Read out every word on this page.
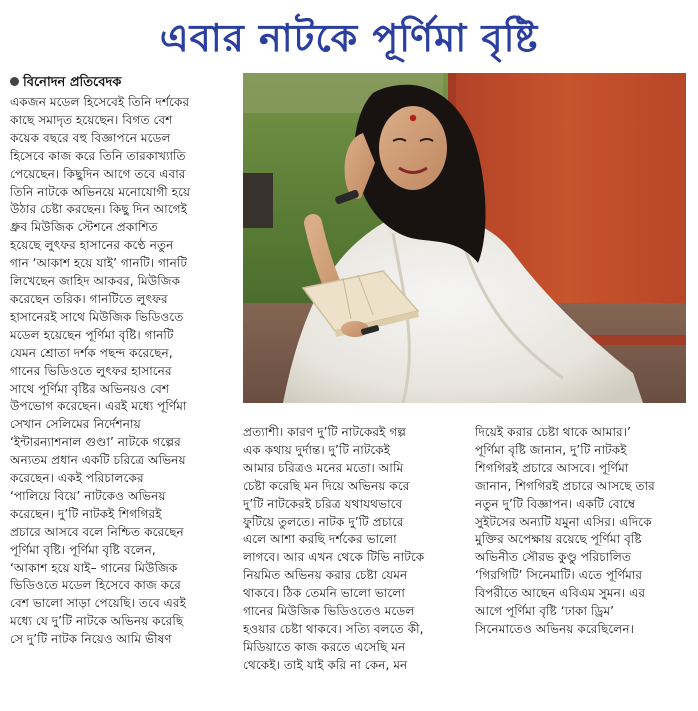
এবার নাটকে পূর্ণিমা বৃষ্টি
বিনোদন প্রতিবেদক
একজন মডেল হিসেবেই তিনি দর্শকের
কাছে সমাদৃত হয়েছেন। বিগত বেশ
কয়েক বছরে বহু বিজ্ঞাপনে মডেল
হিসেবে কাজ করে তিনি তারকাখ্যাতি
পেয়েছেন। কিছুদিন আগে তবে এবার
তিনি নাটকে অভিনয়ে মনোযোগী হয়ে
উঠার চেষ্টা করছেন। কিছু দিন আগেই
ধ্রুব মিউজিক স্টেশনে প্রকাশিত
হয়েছে লুৎফর হাসানের কণ্ঠে নতুন
গান ‘আকাশ হয়ে যাই’ গানটি। গানটি
লিখেছেন জাহিদ আকবর, মিউজিক
করেছেন তরিক। গানটিতে লুৎফর
হাসানেরই সাথে মিউজিক ভিডিওতে
মডেল হয়েছেন পূর্ণিমা বৃষ্টি। গানটি
যেমন শ্রোতা দর্শক পছন্দ করেছেন,
গানের ভিডিওতে লুৎফর হাসানের
সাথে পূর্ণিমা বৃষ্টির অভিনয়ও বেশ
উপভোগ করেছেন। এরই মধ্যে পূর্ণিমা
সেখান সেলিমের নির্দেশনায়
‘ইন্টারন্যাশনাল গুণ্ডা’ নাটকে গল্পের
অন্যতম প্রধান একটি চরিত্রে অভিনয়
করেছেন। একই পরিচালকের
‘পালিয়ে বিয়ে’ নাটকেও অভিনয়
করেছেন। দু’টি নাটকই শিগগিরই
প্রচারে আসবে বলে নিশ্চিত করেছেন
পূর্ণিমা বৃষ্টি। পূর্ণিমা বৃষ্টি বলেন,
‘আকাশ হয়ে যাই– গানের মিউজিক
ভিডিওতে মডেল হিসেবে কাজ করে
বেশ ভালো সাড়া পেয়েছি। তবে এরই
মধ্যে যে দু’টি নাটকে অভিনয় করেছি
সে দু’টি নাটক নিয়েও আমি ভীষণ
প্রত্যাশী। কারণ দু’টি নাটকেরই গল্প
এক কথায় দুর্দান্ত। দু’টি নাটকেই
আমার চরিত্রও মনের মতো। আমি
চেষ্টা করেছি মন দিয়ে অভিনয় করে
দু’টি নাটকেরই চরিত্র যথাযথভাবে
ফুটিয়ে তুলতে। নাটক দু’টি প্রচারে
এলে আশা করছি দর্শকের ভালো
লাগবে। আর এখন থেকে টিভি নাটকে
নিয়মিত অভিনয় করার চেষ্টা যেমন
থাকবে। ঠিক তেমনি ভালো ভালো
গানের মিউজিক ভিডিওতেও মডেল
হওয়ার চেষ্টা থাকবে। সত্যি বলতে কী,
মিডিয়াতে কাজ করতে এসেছি মন
থেকেই। তাই যাই করি না কেন, মন
দিয়েই করার চেষ্টা থাকে আমার।’
পূর্ণিমা বৃষ্টি জানান, দু’টি নাটকই
শিগগিরই প্রচারে আসবে। পূর্ণিমা
জানান, শিগগিরই প্রচারে আসছে তার
নতুন দু’টি বিজ্ঞাপন। একটি বোম্বে
সুইটসের অন্যটি যমুনা এসির। এদিকে
মুক্তির অপেক্ষায় রয়েছে পূর্ণিমা বৃষ্টি
অভিনীত সৌরভ কুণ্ডু পরিচালিত
‘গিরগিটি’ সিনেমাটি। এতে পূর্ণিমার
বিপরীতে আছেন এবিএম সুমন। এর
আগে পূর্ণিমা বৃষ্টি ‘ঢাকা ড্রিম’
সিনেমাতেও অভিনয় করেছিলেন।
